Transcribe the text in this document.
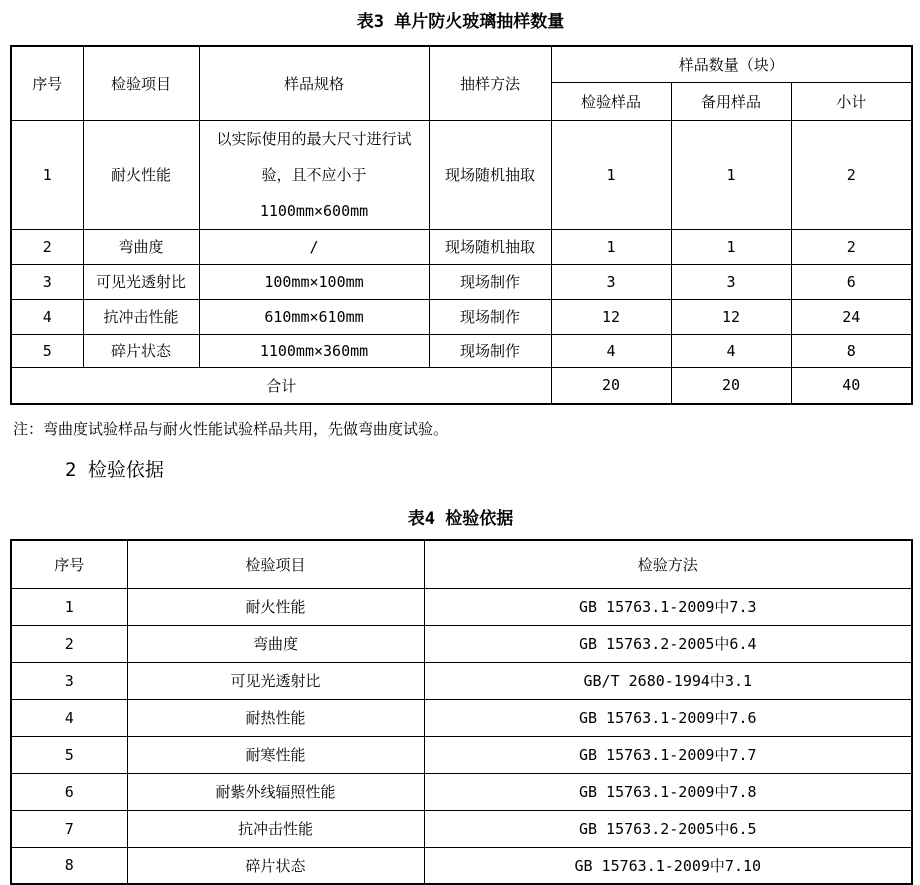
表3 单片防火玻璃抽样数量
序号	检验项目	样品规格	抽样方法	样品数量（块）		
				检验样品	备用样品	小计
1	耐火性能	以实际使用的最大尺寸进行试验，且不应小于1100mm×600mm	现场随机抽取	1	1	2
2	弯曲度	/	现场随机抽取	1	1	2
3	可见光透射比	100mm×100mm	现场制作	3	3	6
4	抗冲击性能	610mm×610mm	现场制作	12	12	24
5	碎片状态	1100mm×360mm	现场制作	4	4	8
合计				20	20	40

注：弯曲度试验样品与耐火性能试验样品共用，先做弯曲度试验。

2 检验依据
表4 检验依据
序号	检验项目	检验方法
1	耐火性能	GB 15763.1-2009中7.3
2	弯曲度	GB 15763.2-2005中6.4
3	可见光透射比	GB/T 2680-1994中3.1
4	耐热性能	GB 15763.1-2009中7.6
5	耐寒性能	GB 15763.1-2009中7.7
6	耐紫外线辐照性能	GB 15763.1-2009中7.8
7	抗冲击性能	GB 15763.2-2005中6.5
8	碎片状态	GB 15763.1-2009中7.10
